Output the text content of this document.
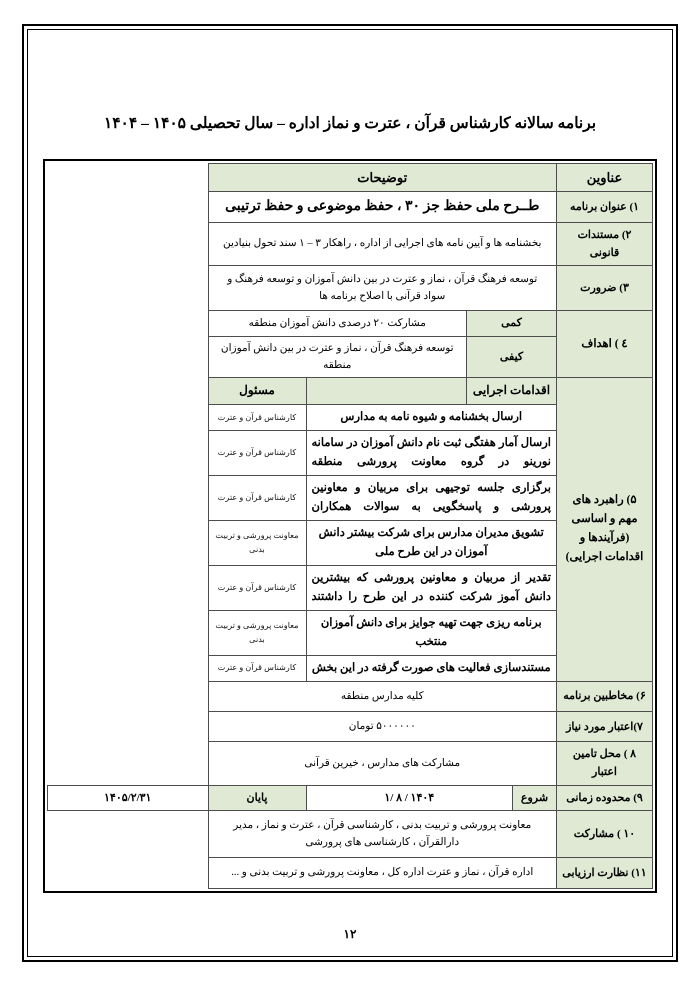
برنامه سالانه کارشناس قرآن ، عترت و نماز اداره – سال تحصیلی ۱۴۰۵ – ۱۴۰۴
عناوین	توضیحات				
۱) عنوان برنامه	طــرح ملی حفظ جز ۳۰ ، حفظ موضوعی و حفظ ترتیبی				
۲) مستندات قانونی	بخشنامه ها و آیین نامه های اجرایی از اداره ، راهکار ۳ – ۱ سند تحول بنیادین				
۳) ضرورت	توسعه فرهنگ قرآن ، نماز و عترت در بین دانش آموزان و توسعه فرهنگ و سواد قرآنی با اصلاح برنامه ها				
٤ ) اهداف	کمی		مشارکت ۲۰ درصدی دانش آموزان منطقه		
	کیفی		توسعه فرهنگ قرآن ، نماز و عترت در بین دانش آموزان منطقه		
۵) راهبرد های مهم و اساسی (فرآیندها و اقدامات اجرایی)	اقدامات اجرایی			مسئول	
	ارسال بخشنامه و شیوه نامه به مدارس			کارشناس قرآن و عترت	
	ارسال آمار هفتگی ثبت نام دانش آموزان در سامانه نورینو در گروه معاونت پرورشی منطقه			کارشناس قرآن و عترت	
	برگزاری جلسه توجیهی برای مربیان و معاونین پرورشی و پاسخگویی به سوالات همکاران			کارشناس قرآن و عترت	
	تشویق مدیران مدارس برای شرکت بیشتر دانش آموزان در این طرح ملی			معاونت پرورشی و تربیت بدنی	
	تقدیر از مربیان و معاونین پرورشی که بیشترین دانش آموز شرکت کننده در این طرح را داشتند			کارشناس قرآن و عترت	
	برنامه ریزی جهت تهیه جوایز برای دانش آموزان منتخب			معاونت پرورشی و تربیت بدنی	
	مستندسازی فعالیت های صورت گرفته در این بخش			کارشناس قرآن و عترت	
۶) مخاطبین برنامه	کلیه مدارس منطقه				
۷)اعتبار مورد نیاز	۵۰۰۰۰۰۰ تومان				
۸ ) محل تامین اعتبار	مشارکت های مدارس ، خیرین قرآنی				
۹) محدوده زمانی	شروع	۱۴۰۴ / ۸ /۱		پایان	۱۴۰۵/۲/۳۱
۱۰ ) مشارکت	معاونت پرورشی و تربیت بدنی ، کارشناسی قرآن ، عترت و نماز ، مدیر دارالقرآن ، کارشناسی های پرورشی				
۱۱) نظارت ارزیابی	اداره قرآن ، نماز و عترت اداره کل ، معاونت پرورشی و تربیت بدنی و ...				
۱۲
